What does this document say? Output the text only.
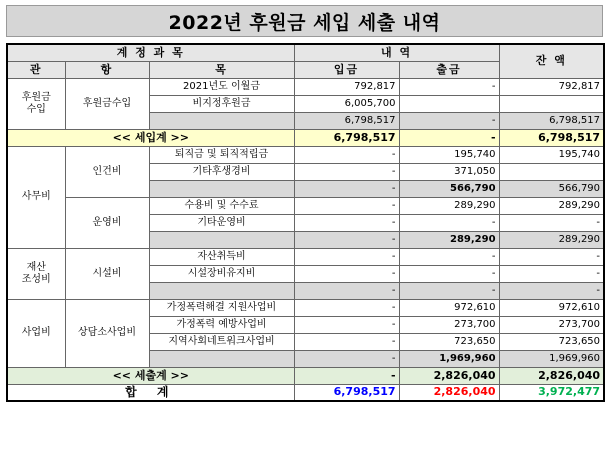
2022년 후원금 세입 세출 내역
계 정 과 목			내 역		잔 액
관	항	목	입금	출금	
후원금
수입	후원금수입	2021년도 이월금	792,817	-	792,817
		비지정후원금	6,005,700		
			6,798,517	-	6,798,517
<< 세입계 >>			6,798,517	-	6,798,517
사무비	인건비	퇴직금 및 퇴직적립금	-	195,740	195,740
		기타후생경비	-	371,050	
			-	566,790	566,790
	운영비	수용비 및 수수료	-	289,290	289,290
		기타운영비	-	-	-
			-	289,290	289,290
재산
조성비	시설비	자산취득비	-	-	-
		시설장비유지비	-	-	-
			-	-	-
사업비	상담소사업비	가정폭력해결 지원사업비	-	972,610	972,610
		가정폭력 예방사업비	-	273,700	273,700
		지역사회네트워크사업비	-	723,650	723,650
			-	1,969,960	1,969,960
<< 세출계 >>			-	2,826,040	2,826,040
합 계			6,798,517	2,826,040	3,972,477
